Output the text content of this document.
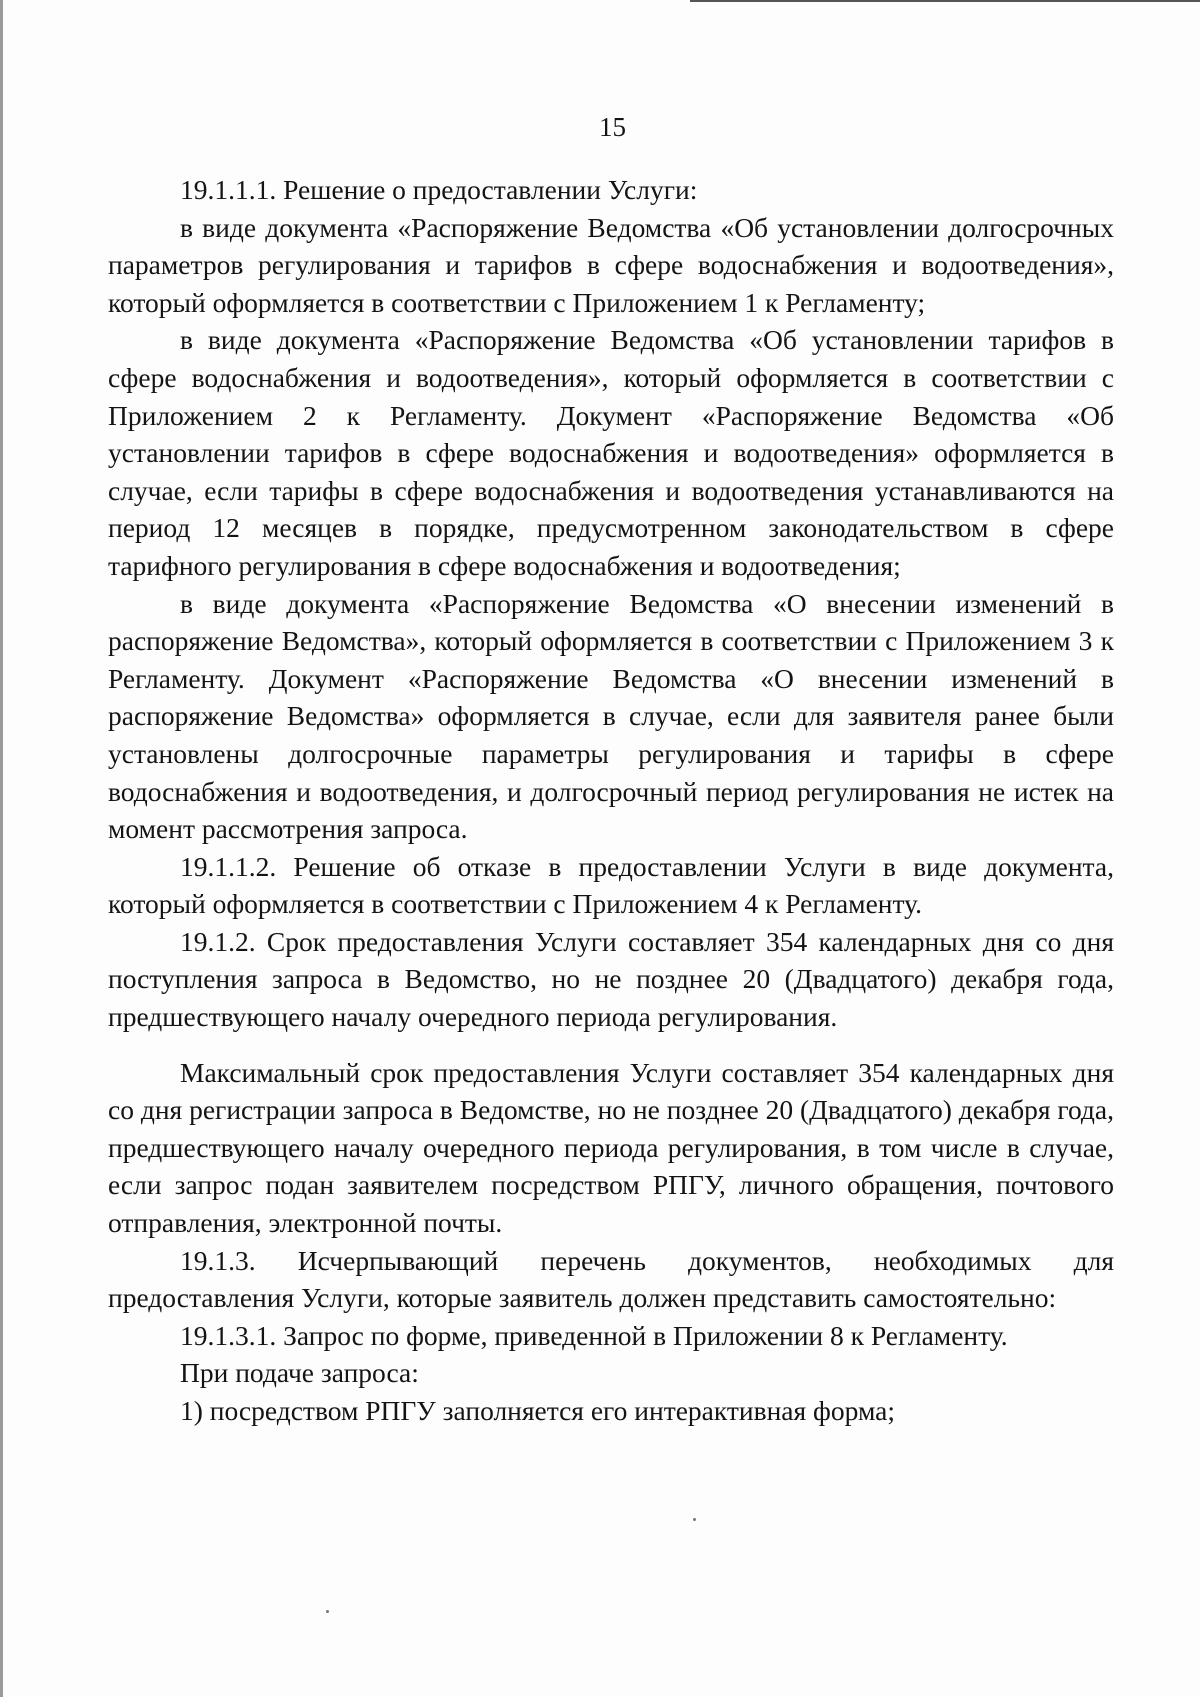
15

19.1.1.1. Решение о предоставлении Услуги:

в виде документа «Распоряжение Ведомства «Об установлении долгосрочных параметров регулирования и тарифов в сфере водоснабжения и водоотведения», который оформляется в соответствии с Приложением 1 к Регламенту;

в виде документа «Распоряжение Ведомства «Об установлении тарифов в сфере водоснабжения и водоотведения», который оформляется в соответствии с Приложением 2 к Регламенту. Документ «Распоряжение Ведомства «Об установлении тарифов в сфере водоснабжения и водоотведения» оформляется в случае, если тарифы в сфере водоснабжения и водоотведения устанавливаются на период 12 месяцев в порядке, предусмотренном законодательством в сфере тарифного регулирования в сфере водоснабжения и водоотведения;

в виде документа «Распоряжение Ведомства «О внесении изменений в распоряжение Ведомства», который оформляется в соответствии с Приложением 3 к Регламенту. Документ «Распоряжение Ведомства «О внесении изменений в распоряжение Ведомства» оформляется в случае, если для заявителя ранее были установлены долгосрочные параметры регулирования и тарифы в сфере водоснабжения и водоотведения, и долгосрочный период регулирования не истек на момент рассмотрения запроса.

19.1.1.2. Решение об отказе в предоставлении Услуги в виде документа, который оформляется в соответствии с Приложением 4 к Регламенту.

19.1.2. Срок предоставления Услуги составляет 354 календарных дня со дня поступления запроса в Ведомство, но не позднее 20 (Двадцатого) декабря года, предшествующего началу очередного периода регулирования.

Максимальный срок предоставления Услуги составляет 354 календарных дня со дня регистрации запроса в Ведомстве, но не позднее 20 (Двадцатого) декабря года, предшествующего началу очередного периода регулирования, в том числе в случае, если запрос подан заявителем посредством РПГУ, личного обращения, почтового отправления, электронной почты.

19.1.3. Исчерпывающий перечень документов, необходимых для предоставления Услуги, которые заявитель должен представить самостоятельно:

19.1.3.1. Запрос по форме, приведенной в Приложении 8 к Регламенту.

При подаче запроса:

1) посредством РПГУ заполняется его интерактивная форма;
